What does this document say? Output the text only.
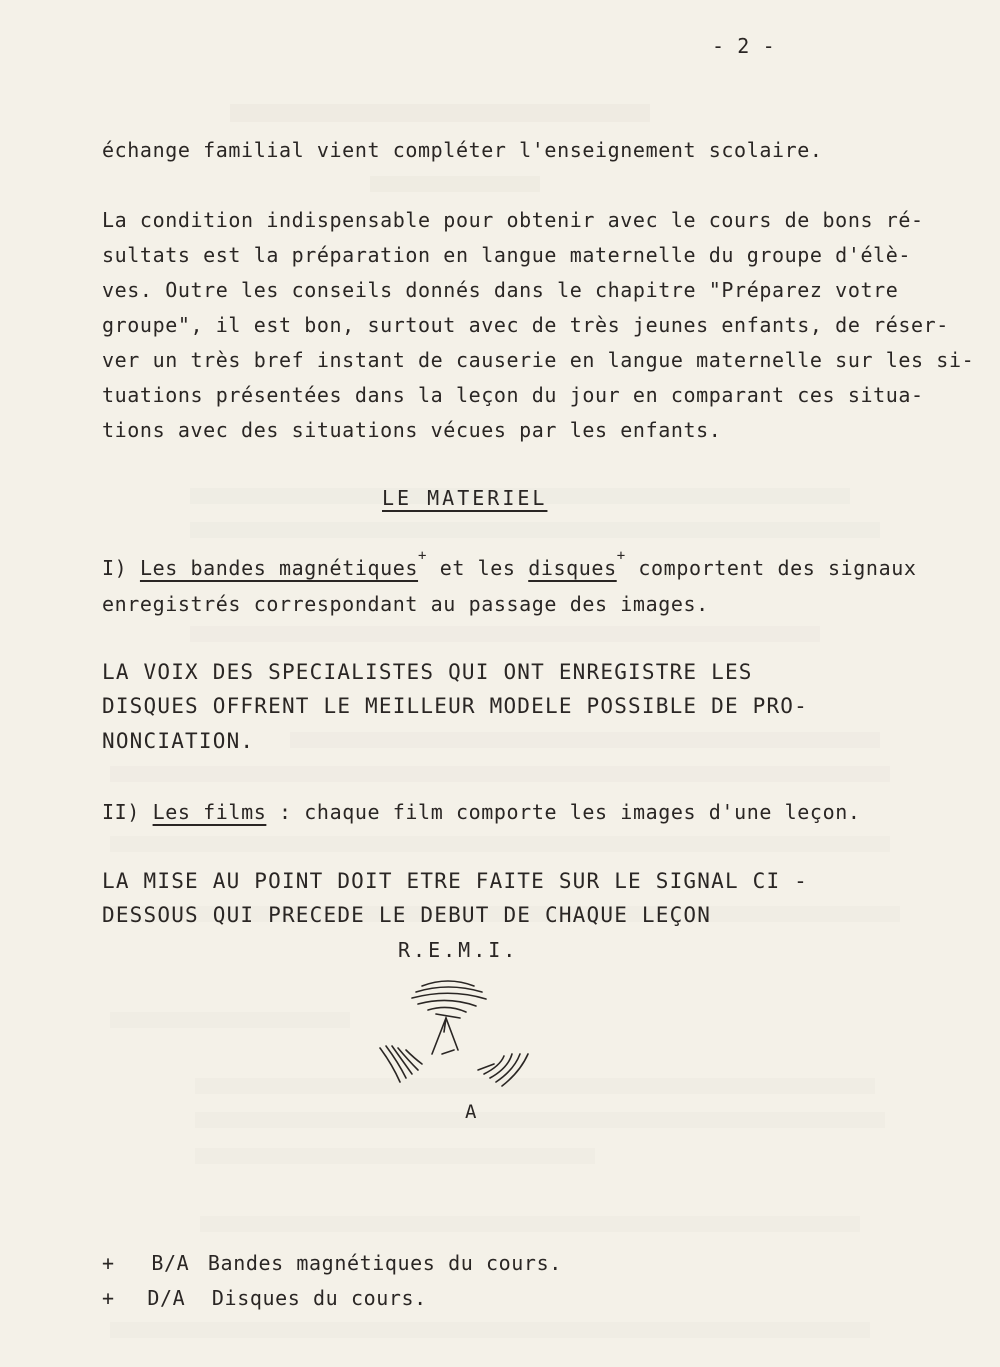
- 2 -
échange familial vient compléter l'enseignement scolaire.
La condition indispensable pour obtenir avec le cours de bons ré-
sultats est la préparation en langue maternelle du groupe d'élè-
ves. Outre les conseils donnés dans le chapitre "Préparez votre
groupe", il est bon, surtout avec de très jeunes enfants, de réser-
ver un très bref instant de causerie en langue maternelle sur les si-
tuations présentées dans la leçon du jour en comparant ces situa-
tions avec des situations vécues par les enfants.
LE MATERIEL
I) Les bandes magnétiques+ et les disques+ comportent des signaux
enregistrés correspondant au passage des images.
LA VOIX DES SPECIALISTES QUI ONT ENREGISTRE LES
DISQUES OFFRENT LE MEILLEUR MODELE POSSIBLE DE PRO-
NONCIATION.
II) Les films : chaque film comporte les images d'une leçon.
LA MISE AU POINT DOIT ETRE FAITE SUR LE SIGNAL CI -
DESSOUS QUI PRECEDE LE DEBUT DE CHAQUE LEÇON
R.E.M.I.
A
+ B/A Bandes magnétiques du cours.
+ D/A Disques du cours.
